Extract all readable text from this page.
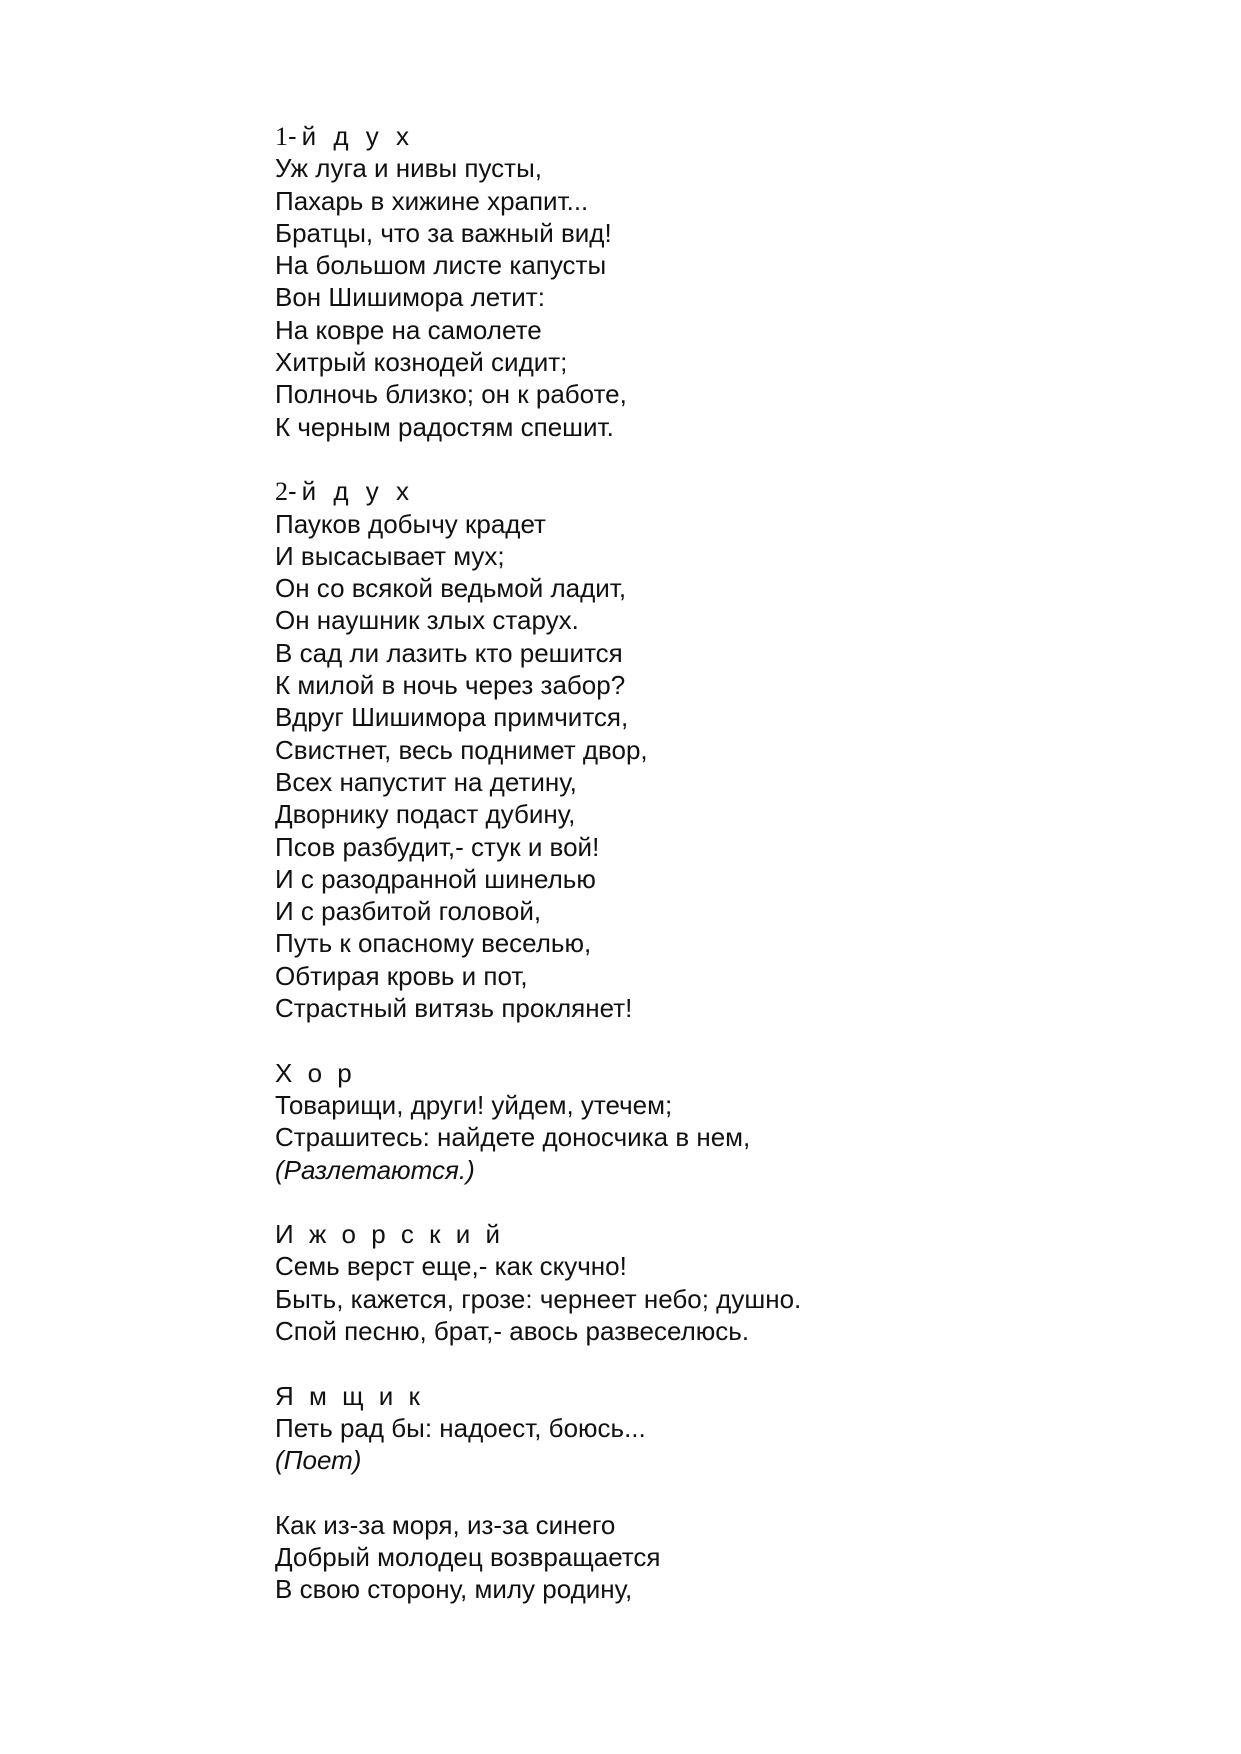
1-й д у х
Уж луга и нивы пусты,
Пахарь в хижине храпит...
Братцы, что за важный вид!
На большом листе капусты
Вон Шишимора летит:
На ковре на самолете
Хитрый кознодей сидит;
Полночь близко; он к работе,
К черным радостям спешит.
2-й д у х
Пауков добычу крадет
И высасывает мух;
Он со всякой ведьмой ладит,
Он наушник злых старух.
В сад ли лазить кто решится
К милой в ночь через забор?
Вдруг Шишимора примчится,
Свистнет, весь поднимет двор,
Всех напустит на детину,
Дворнику подаст дубину,
Псов разбудит,- стук и вой!
И с разодранной шинелью
И с разбитой головой,
Путь к опасному веселью,
Обтирая кровь и пот,
Страстный витязь проклянет!
Х о р
Товарищи, други! уйдем, утечем;
Страшитесь: найдете доносчика в нем,
(Разлетаются.)
И ж о р с к и й
Семь верст еще,- как скучно!
Быть, кажется, грозе: чернеет небо; душно.
Спой песню, брат,- авось развеселюсь.
Я м щ и к
Петь рад бы: надоест, боюсь...
(Поет)
Как из-за моря, из-за синего
Добрый молодец возвращается
В свою сторону, милу родину,
